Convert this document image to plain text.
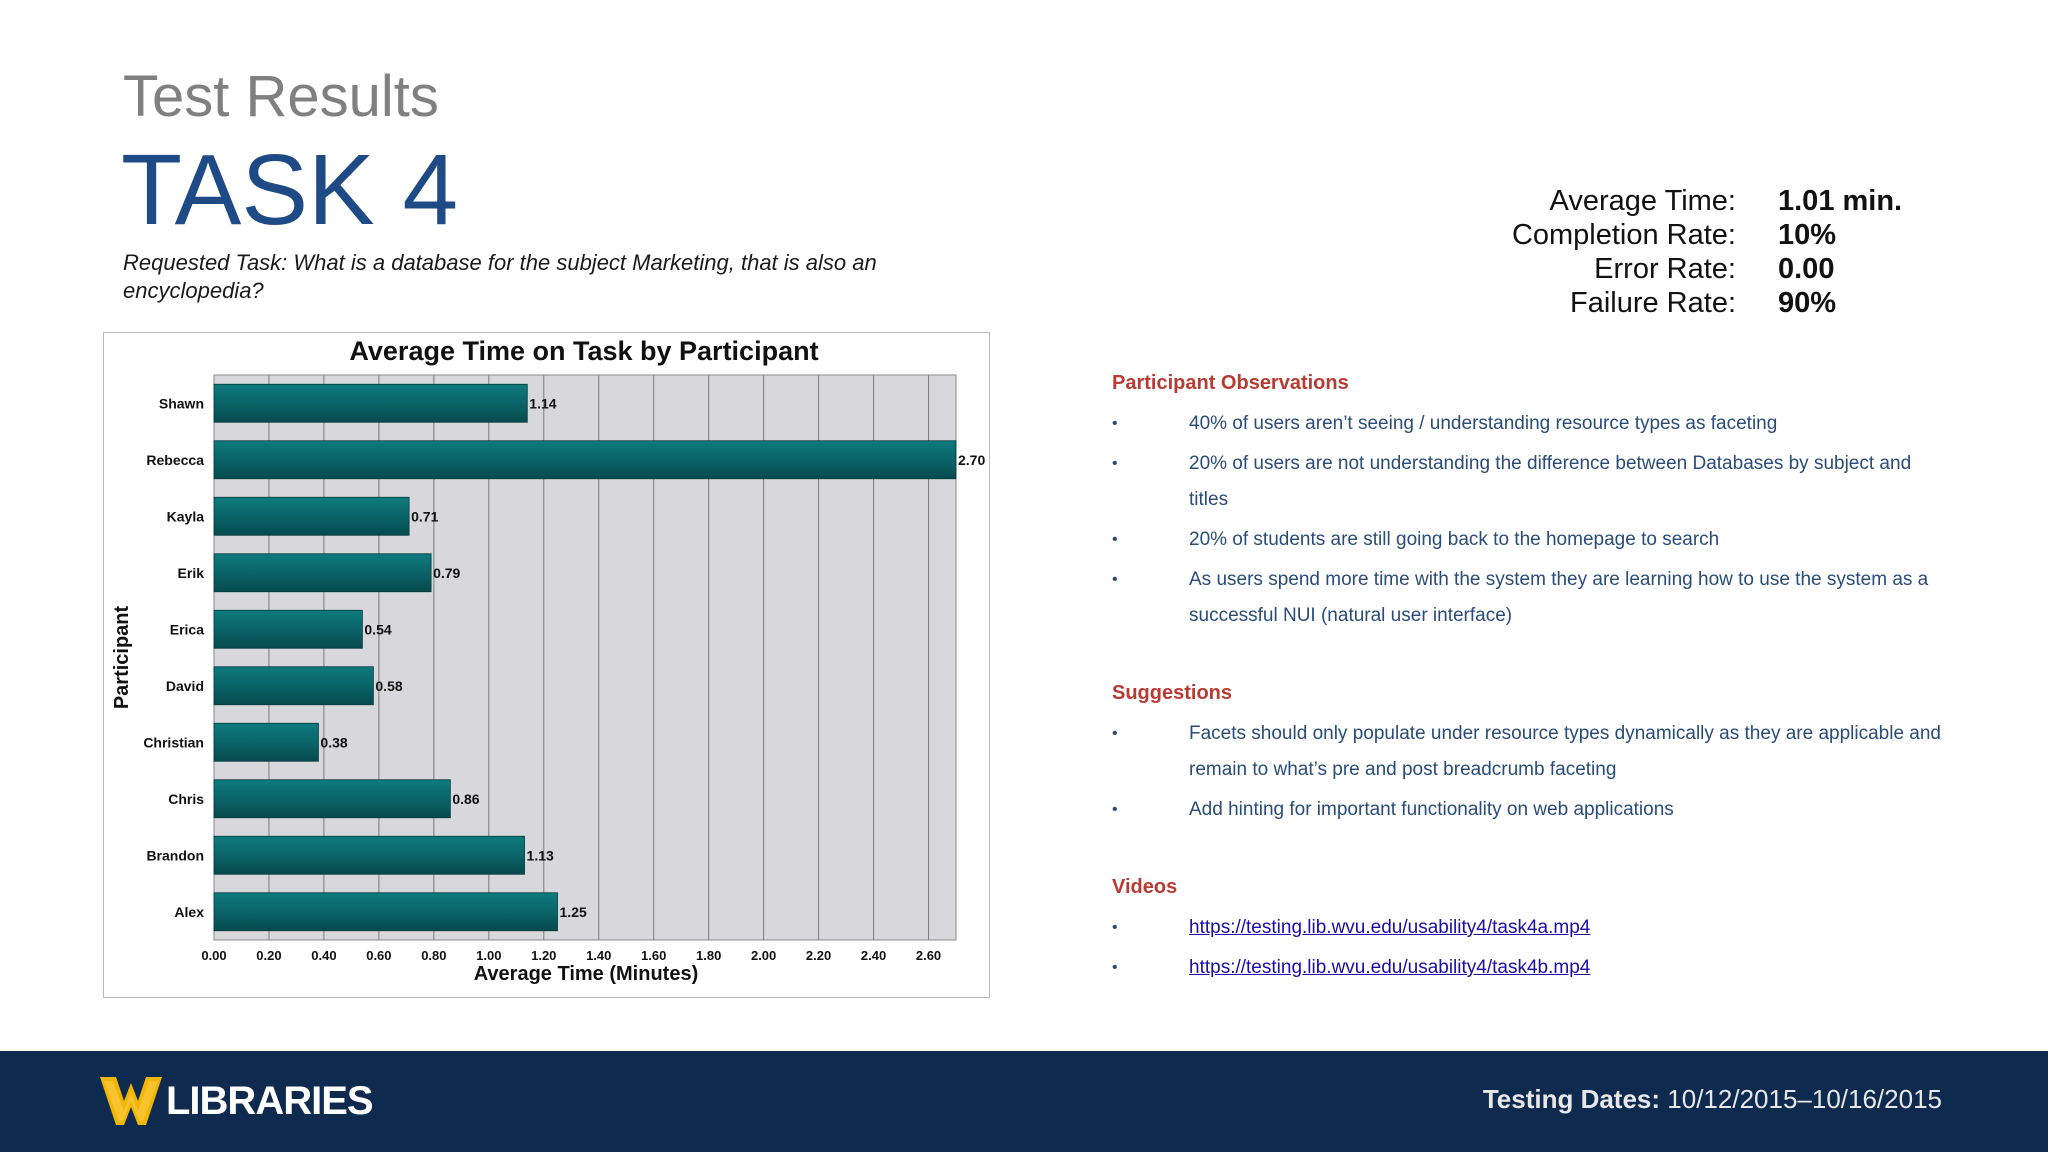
Test Results
TASK 4
Requested Task: What is a database for the subject Marketing, that is also an encyclopedia?
Average Time: 1.01 min.
Completion Rate: 10%
Error Rate: 0.00
Failure Rate: 90%
Average Time on Task by Participant
0.00 0.20 0.40 0.60 0.80 1.00 1.20 1.40 1.60 1.80 2.00 2.20 2.40 2.60
Average Time (Minutes)
Participant
Shawn	1.14
Rebecca	2.70
Kayla	0.71
Erik	0.79
Erica	0.54
David	0.58
Christian	0.38
Chris	0.86
Brandon	1.13
Alex	1.25
Participant Observations
•	40% of users aren’t seeing / understanding resource types as faceting
•	20% of users are not understanding the difference between Databases by subject and titles
•	20% of students are still going back to the homepage to search
•	As users spend more time with the system they are learning how to use the system as a successful NUI (natural user interface)
Suggestions
•	Facets should only populate under resource types dynamically as they are applicable and remain to what’s pre and post breadcrumb faceting
•	Add hinting for important functionality on web applications
Videos
•	https://testing.lib.wvu.edu/usability4/task4a.mp4
•	https://testing.lib.wvu.edu/usability4/task4b.mp4
LIBRARIES	Testing Dates: 10/12/2015–10/16/2015
